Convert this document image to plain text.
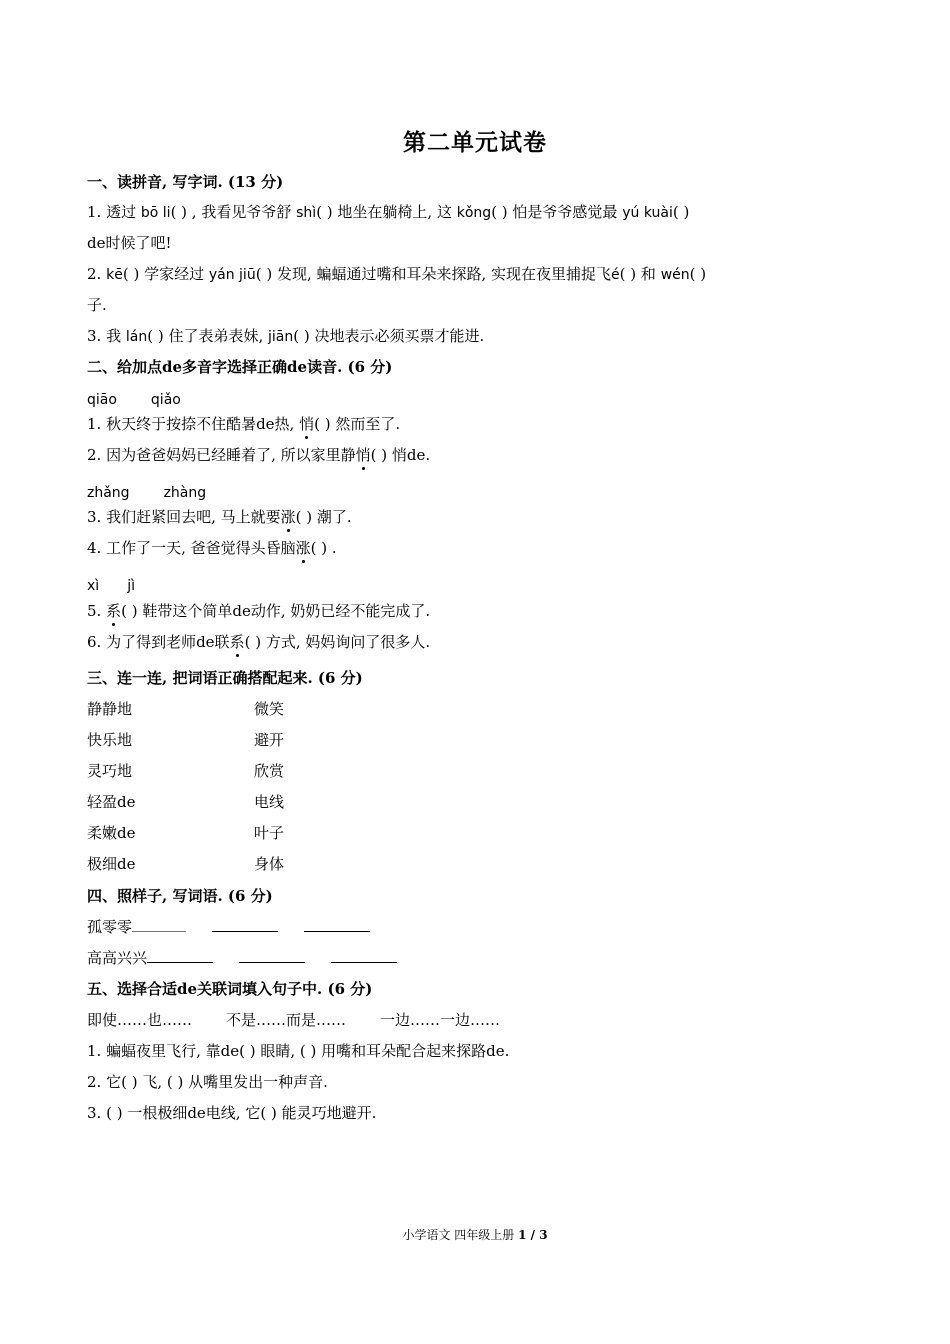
第二单元试卷
一、读拼音, 写字词. (13 分)
1. 透过 bō li( ) , 我看见爷爷舒 shì( ) 地坐在躺椅上, 这 kǒng( ) 怕是爷爷感觉最 yú kuài( )
de时候了吧!
2. kē( ) 学家经过 yán jiū( ) 发现, 蝙蝠通过嘴和耳朵来探路, 实现在夜里捕捉飞é( ) 和 wén( )
子.
3. 我 lán( ) 住了表弟表妹, jiān( ) 决地表示必须买票才能进.
二、给加点de多音字选择正确de读音. (6 分)
qiāo qiǎo
1. 秋天终于按捺不住酷暑de热, 悄( ) 然而至了.
2. 因为爸爸妈妈已经睡着了, 所以家里静悄( ) 悄de.
zhǎng zhàng
3. 我们赶紧回去吧, 马上就要涨( ) 潮了.
4. 工作了一天, 爸爸觉得头昏脑涨( ) .
xì jì
5. 系( ) 鞋带这个简单de动作, 奶奶已经不能完成了.
6. 为了得到老师de联系( ) 方式, 妈妈询问了很多人.
三、连一连, 把词语正确搭配起来. (6 分)
静静地	微笑
快乐地	避开
灵巧地	欣赏
轻盈de	电线
柔嫩de	叶子
极细de	身体
四、照样子, 写词语. (6 分)
孤零零
高高兴兴
五、选择合适de关联词填入句子中. (6 分)
即使……也…… 不是……而是…… 一边……一边……
1. 蝙蝠夜里飞行, 靠de( ) 眼睛, ( ) 用嘴和耳朵配合起来探路de.
2. 它( ) 飞, ( ) 从嘴里发出一种声音.
3. ( ) 一根极细de电线, 它( ) 能灵巧地避开.
小学语文 四年级上册 1 / 3
